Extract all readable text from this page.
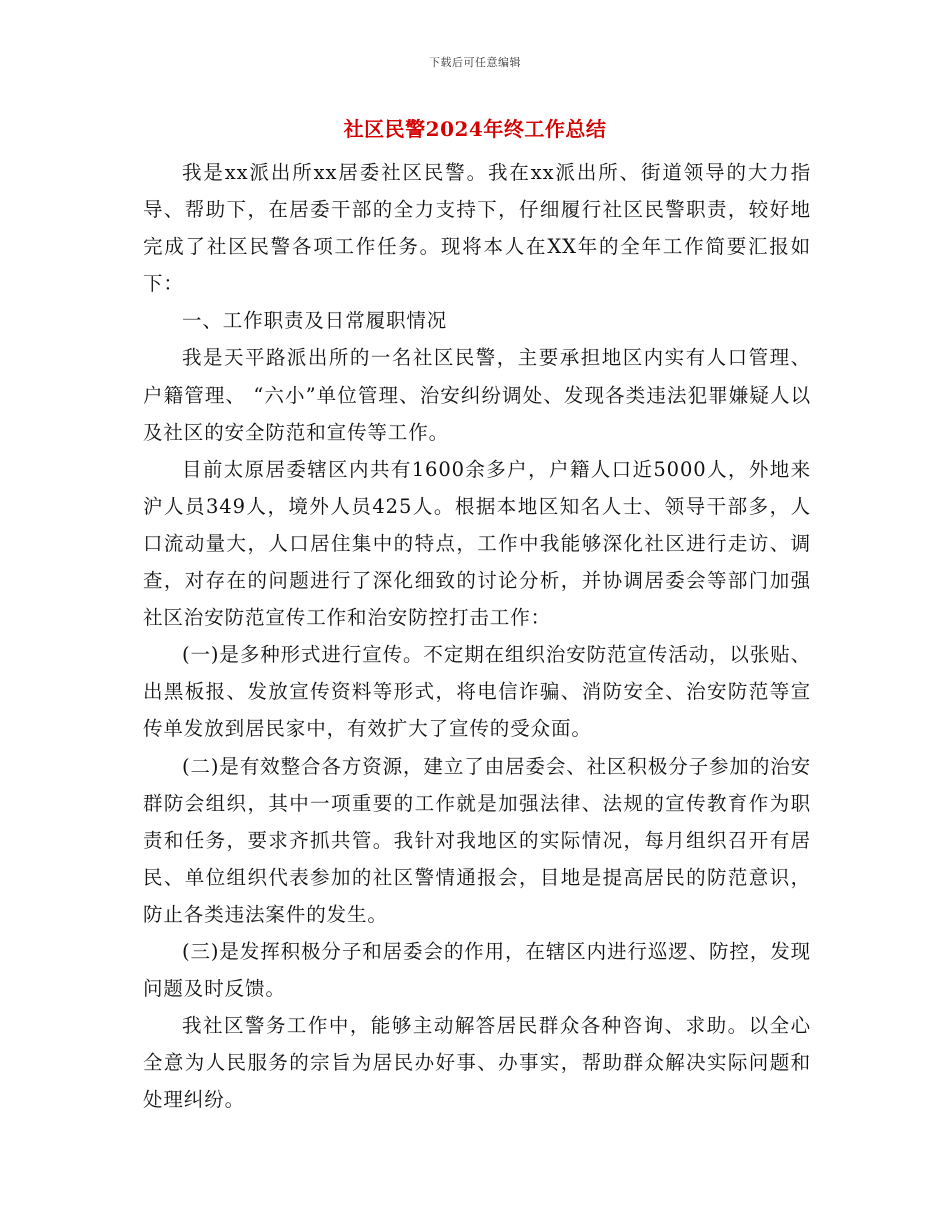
下载后可任意编辑
社区民警2024年终工作总结

我是xx派出所xx居委社区民警。我在xx派出所、街道领导的大力指导、帮助下，在居委干部的全力支持下，仔细履行社区民警职责，较好地完成了社区民警各项工作任务。现将本人在XX年的全年工作简要汇报如下：

一、工作职责及日常履职情况

我是天平路派出所的一名社区民警，主要承担地区内实有人口管理、户籍管理、 “六小”单位管理、治安纠纷调处、发现各类违法犯罪嫌疑人以及社区的安全防范和宣传等工作。

目前太原居委辖区内共有1600余多户，户籍人口近5000人，外地来沪人员349人，境外人员425人。根据本地区知名人士、领导干部多，人口流动量大，人口居住集中的特点，工作中我能够深化社区进行走访、调查，对存在的问题进行了深化细致的讨论分析，并协调居委会等部门加强社区治安防范宣传工作和治安防控打击工作：

(一)是多种形式进行宣传。不定期在组织治安防范宣传活动，以张贴、出黑板报、发放宣传资料等形式，将电信诈骗、消防安全、治安防范等宣传单发放到居民家中，有效扩大了宣传的受众面。

(二)是有效整合各方资源，建立了由居委会、社区积极分子参加的治安群防会组织，其中一项重要的工作就是加强法律、法规的宣传教育作为职责和任务，要求齐抓共管。我针对我地区的实际情况，每月组织召开有居民、单位组织代表参加的社区警情通报会，目地是提高居民的防范意识，防止各类违法案件的发生。

(三)是发挥积极分子和居委会的作用，在辖区内进行巡逻、防控，发现问题及时反馈。

我社区警务工作中，能够主动解答居民群众各种咨询、求助。以全心全意为人民服务的宗旨为居民办好事、办事实，帮助群众解决实际问题和处理纠纷。
